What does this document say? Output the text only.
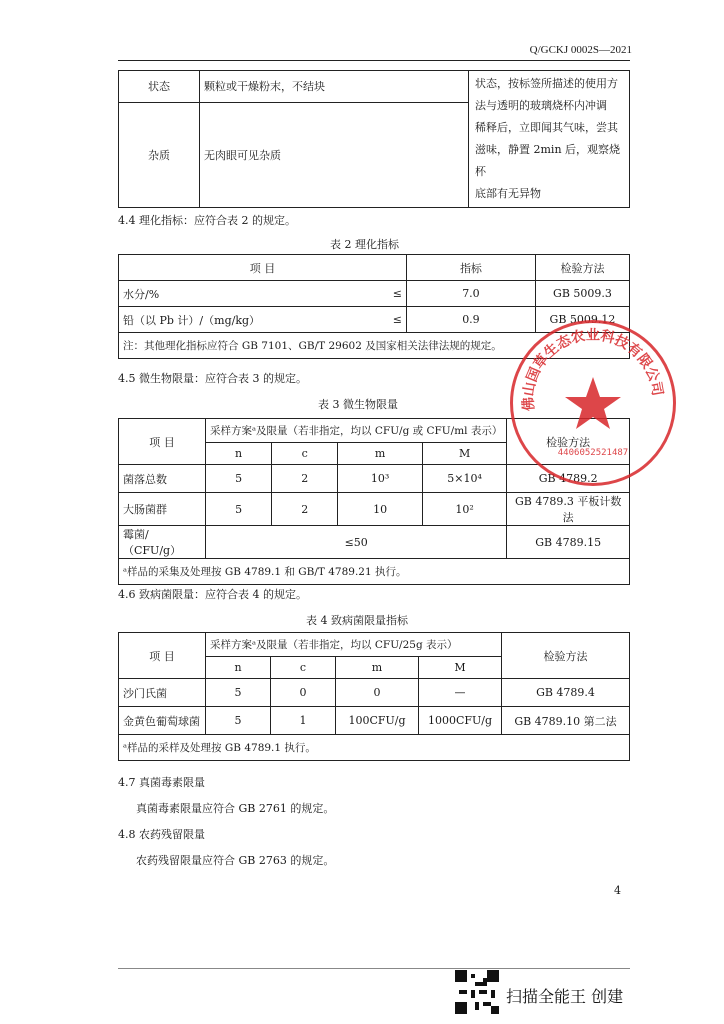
Q/GCKJ 0002S—2021
状态	颗粒或干燥粉末，不结块	状态，按标签所描述的使用方
法与透明的玻璃烧杯内冲调
稀释后，立即闻其气味，尝其
滋味，静置 2min 后，观察烧杯
底部有无异物

杂质	无肉眼可见杂质	
4.4 理化指标：应符合表 2 的规定。
表 2 理化指标
项 目		指标	检验方法
水分/%	≤	7.0	GB 5009.3
铅（以 Pb 计）/（mg/kg）	≤	0.9	GB 5009.12
注：其他理化指标应符合 GB 7101、GB/T 29602 及国家相关法律法规的规定。			
4.5 微生物限量：应符合表 3 的规定。
表 3 微生物限量
项 目	采样方案ᵃ及限量（若非指定，均以 CFU/g 或 CFU/ml 表示）				检验方法
	n	c	m	M	
菌落总数	5	2	10³	5×10⁴	GB 4789.2
大肠菌群	5	2	10	10²	GB 4789.3 平板计数法
霉菌/（CFU/g）	≤50				GB 4789.15
ᵃ样品的采集及处理按 GB 4789.1 和 GB/T 4789.21 执行。					
4.6 致病菌限量：应符合表 4 的规定。
表 4 致病菌限量指标
项 目	采样方案ᵃ及限量（若非指定，均以 CFU/25g 表示）				检验方法
	n	c	m	M	
沙门氏菌	5	0	0	—	GB 4789.4
金黄色葡萄球菌	5	1	100CFU/g	1000CFU/g	GB 4789.10 第二法
ᵃ样品的采样及处理按 GB 4789.1 执行。					
4.7 真菌毒素限量
真菌毒素限量应符合 GB 2761 的规定。
4.8 农药残留限量
农药残留限量应符合 GB 2763 的规定。
4
佛山国草生态农业科技有限公司
4406052521487
扫描全能王 创建
